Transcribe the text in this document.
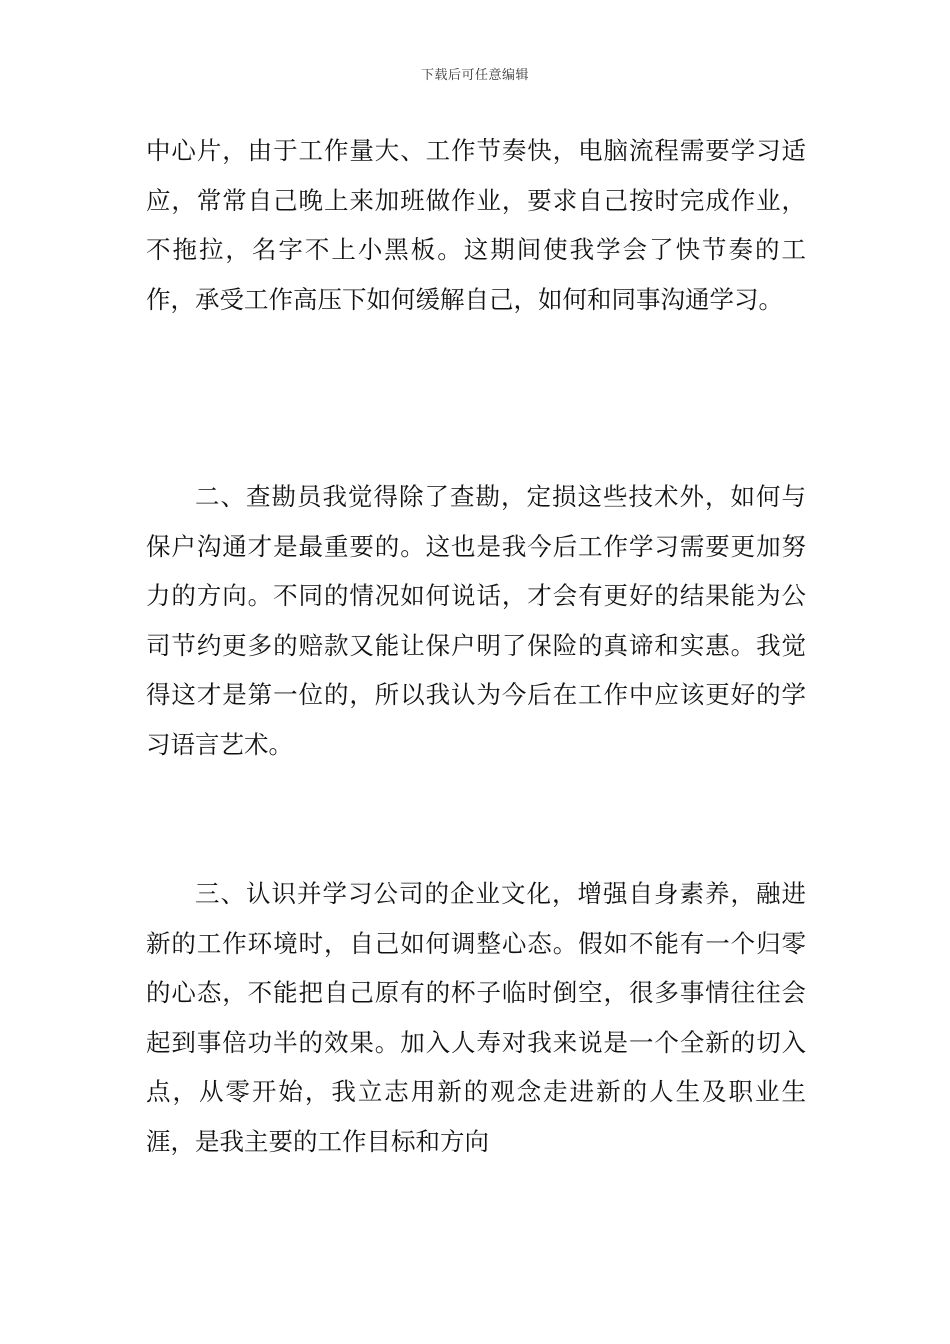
下载后可任意编辑

中心片，由于工作量大、工作节奏快，电脑流程需要学习适应，常常自己晚上来加班做作业，要求自己按时完成作业，不拖拉，名字不上小黑板。这期间使我学会了快节奏的工作，承受工作高压下如何缓解自己，如何和同事沟通学习。

二、查勘员我觉得除了查勘，定损这些技术外，如何与保户沟通才是最重要的。这也是我今后工作学习需要更加努力的方向。不同的情况如何说话，才会有更好的结果能为公司节约更多的赔款又能让保户明了保险的真谛和实惠。我觉得这才是第一位的，所以我认为今后在工作中应该更好的学习语言艺术。

三、认识并学习公司的企业文化，增强自身素养，融进新的工作环境时，自己如何调整心态。假如不能有一个归零的心态，不能把自己原有的杯子临时倒空，很多事情往往会起到事倍功半的效果。加入人寿对我来说是一个全新的切入点，从零开始，我立志用新的观念走进新的人生及职业生涯，是我主要的工作目标和方向
